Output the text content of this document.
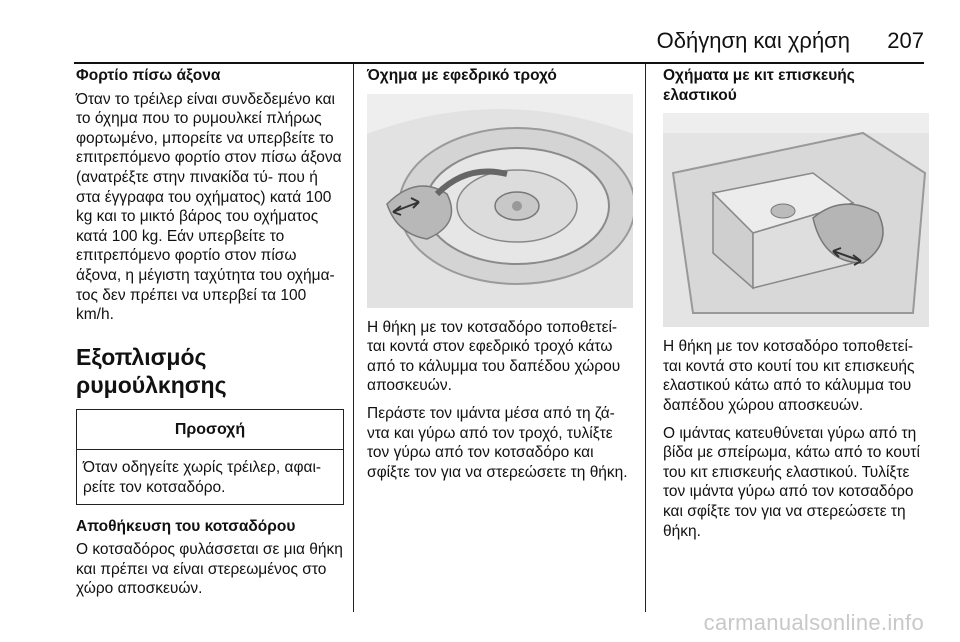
Οδήγηση και χρήση 207
Φορτίο πίσω άξονα
Όταν το τρέιλερ είναι συνδεδεμένο και το όχημα που το ρυμουλκεί πλήρως φορτωμένο, μπορείτε να υπερβείτε το επιτρεπόμενο φορτίο στον πίσω άξονα (ανατρέξτε στην πινακίδα τύ- που ή στα έγγραφα του οχήματος) κατά 100 kg και το μικτό βάρος του οχήματος κατά 100 kg. Εάν υπερβείτε το επιτρεπόμενο φορτίο στον πίσω άξονα, η μέγιστη ταχύτητα του οχήμα- τος δεν πρέπει να υπερβεί τα 100 km/h.
Εξοπλισμός ρυμούλκησης
Προσοχή
Όταν οδηγείτε χωρίς τρέιλερ, αφαι- ρείτε τον κοτσαδόρο.
Αποθήκευση του κοτσαδόρου
Ο κοτσαδόρος φυλάσσεται σε μια θήκη και πρέπει να είναι στερεωμένος στο χώρο αποσκευών.
Όχημα με εφεδρικό τροχό
Η θήκη με τον κοτσαδόρο τοποθετεί- ται κοντά στον εφεδρικό τροχό κάτω από το κάλυμμα του δαπέδου χώρου αποσκευών.
Περάστε τον ιμάντα μέσα από τη ζά- ντα και γύρω από τον τροχό, τυλίξτε τον γύρω από τον κοτσαδόρο και σφίξτε τον για να στερεώσετε τη θήκη.
Οχήματα με κιτ επισκευής ελαστικού
Η θήκη με τον κοτσαδόρο τοποθετεί- ται κοντά στο κουτί του κιτ επισκευής ελαστικού κάτω από το κάλυμμα του δαπέδου χώρου αποσκευών.
Ο ιμάντας κατευθύνεται γύρω από τη βίδα με σπείρωμα, κάτω από το κουτί του κιτ επισκευής ελαστικού. Τυλίξτε τον ιμάντα γύρω από τον κοτσαδόρο και σφίξτε τον για να στερεώσετε τη θήκη.
carmanualsonline.info
